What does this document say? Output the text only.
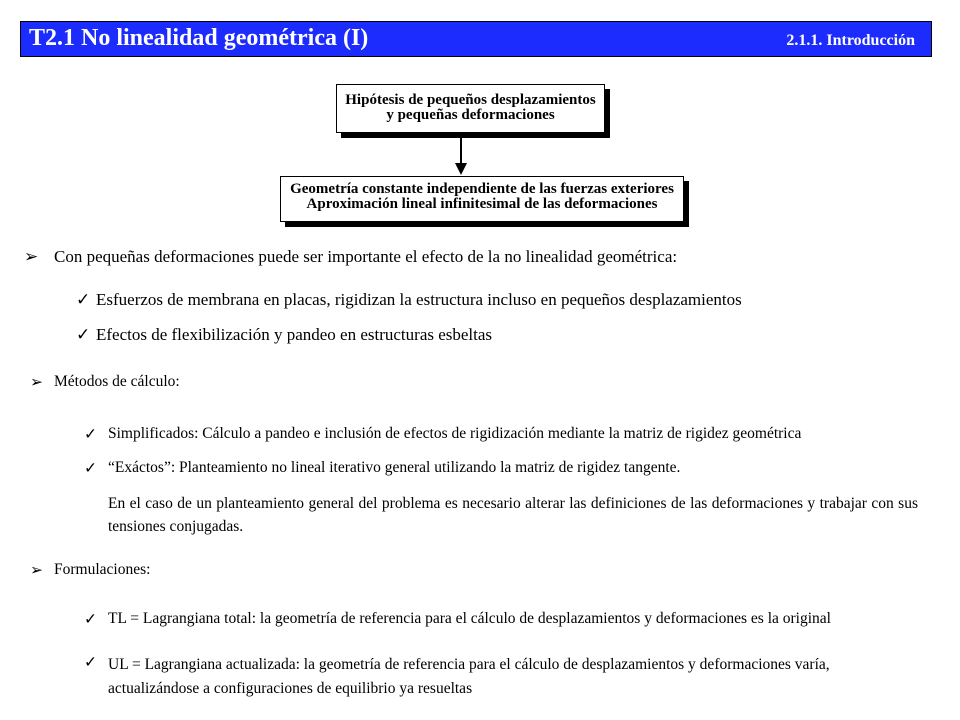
T2.1 No linealidad geométrica (I)	2.1.1. Introducción
Hipótesis de pequeños desplazamientos
y pequeñas deformaciones
Geometría constante independiente de las fuerzas exteriores
Aproximación lineal infinitesimal de las deformaciones
➢ Con pequeñas deformaciones puede ser importante el efecto de la no linealidad geométrica:
✓ Esfuerzos de membrana en placas, rigidizan la estructura incluso en pequeños desplazamientos
✓ Efectos de flexibilización y pandeo en estructuras esbeltas
➢ Métodos de cálculo:
✓ Simplificados: Cálculo a pandeo e inclusión de efectos de rigidización mediante la matriz de rigidez geométrica
✓ “Exáctos”: Planteamiento no lineal iterativo general utilizando la matriz de rigidez tangente.
En el caso de un planteamiento general del problema es necesario alterar las definiciones de las deformaciones y trabajar con sus tensiones conjugadas.
➢ Formulaciones:
✓ TL = Lagrangiana total: la geometría de referencia para el cálculo de desplazamientos y deformaciones es la original
✓ UL = Lagrangiana actualizada: la geometría de referencia para el cálculo de desplazamientos y deformaciones varía,
actualizándose a configuraciones de equilibrio ya resueltas
